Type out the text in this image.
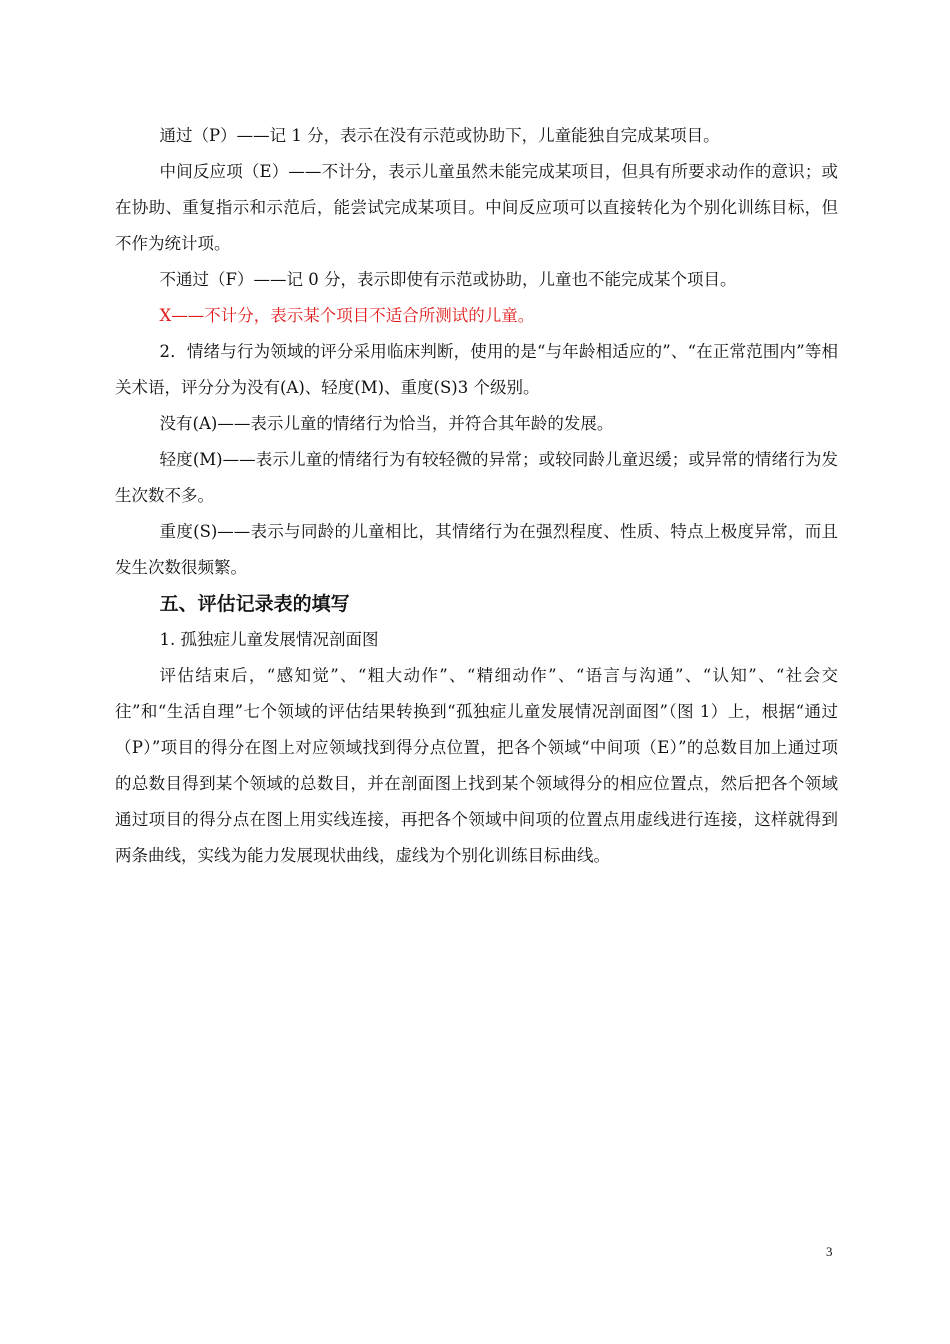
通过（P）——记 1 分，表示在没有示范或协助下，儿童能独自完成某项目。

中间反应项（E）——不计分，表示儿童虽然未能完成某项目，但具有所要求动作的意识；或在协助、重复指示和示范后，能尝试完成某项目。中间反应项可以直接转化为个别化训练目标，但不作为统计项。

不通过（F）——记 0 分，表示即使有示范或协助，儿童也不能完成某个项目。

X——不计分，表示某个项目不适合所测试的儿童。

2．情绪与行为领域的评分采用临床判断，使用的是“与年龄相适应的”、“在正常范围内”等相关术语，评分分为没有(A)、轻度(M)、重度(S)3 个级别。

没有(A)——表示儿童的情绪行为恰当，并符合其年龄的发展。

轻度(M)——表示儿童的情绪行为有较轻微的异常；或较同龄儿童迟缓；或异常的情绪行为发生次数不多。

重度(S)——表示与同龄的儿童相比，其情绪行为在强烈程度、性质、特点上极度异常，而且发生次数很频繁。

五、评估记录表的填写

1. 孤独症儿童发展情况剖面图

评估结束后，“感知觉”、“粗大动作”、“精细动作”、“语言与沟通”、“认知”、“社会交往”和“生活自理”七个领域的评估结果转换到“孤独症儿童发展情况剖面图”（图 1）上，根据“通过（P）”项目的得分在图上对应领域找到得分点位置，把各个领域“中间项（E）”的总数目加上通过项的总数目得到某个领域的总数目，并在剖面图上找到某个领域得分的相应位置点，然后把各个领域通过项目的得分点在图上用实线连接，再把各个领域中间项的位置点用虚线进行连接，这样就得到两条曲线，实线为能力发展现状曲线，虚线为个别化训练目标曲线。

3
